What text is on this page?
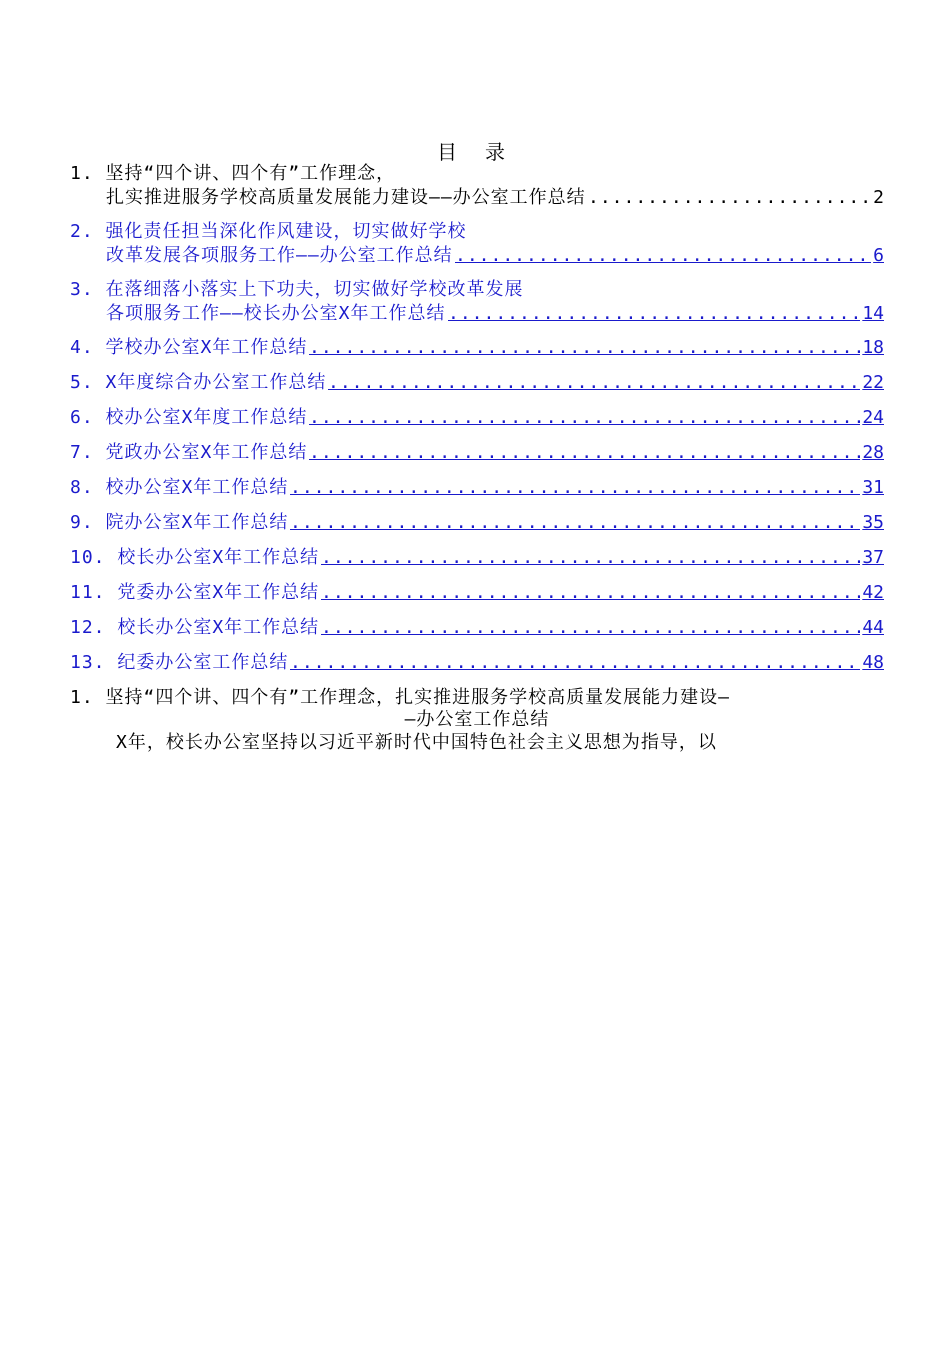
目 录
1. 坚持“四个讲、四个有”工作理念，
扎实推进服务学校高质量发展能力建设——办公室工作总结 .....	2
2. 强化责任担当深化作风建设，切实做好学校
改革发展各项服务工作——办公室工作总结 .....	6
3. 在落细落小落实上下功夫，切实做好学校改革发展
各项服务工作——校长办公室X年工作总结 .....	14
4. 学校办公室X年工作总结 .....	18
5. X年度综合办公室工作总结 .....	22
6. 校办公室X年度工作总结 .....	24
7. 党政办公室X年工作总结 .....	28
8. 校办公室X年工作总结 .....	31
9. 院办公室X年工作总结 .....	35
10. 校长办公室X年工作总结 .....	37
11. 党委办公室X年工作总结 .....	42
12. 校长办公室X年工作总结 .....	44
13. 纪委办公室工作总结 .....	48
1. 坚持“四个讲、四个有”工作理念，扎实推进服务学校高质量发展能力建设—
—办公室工作总结
X年，校长办公室坚持以习近平新时代中国特色社会主义思想为指导，以
